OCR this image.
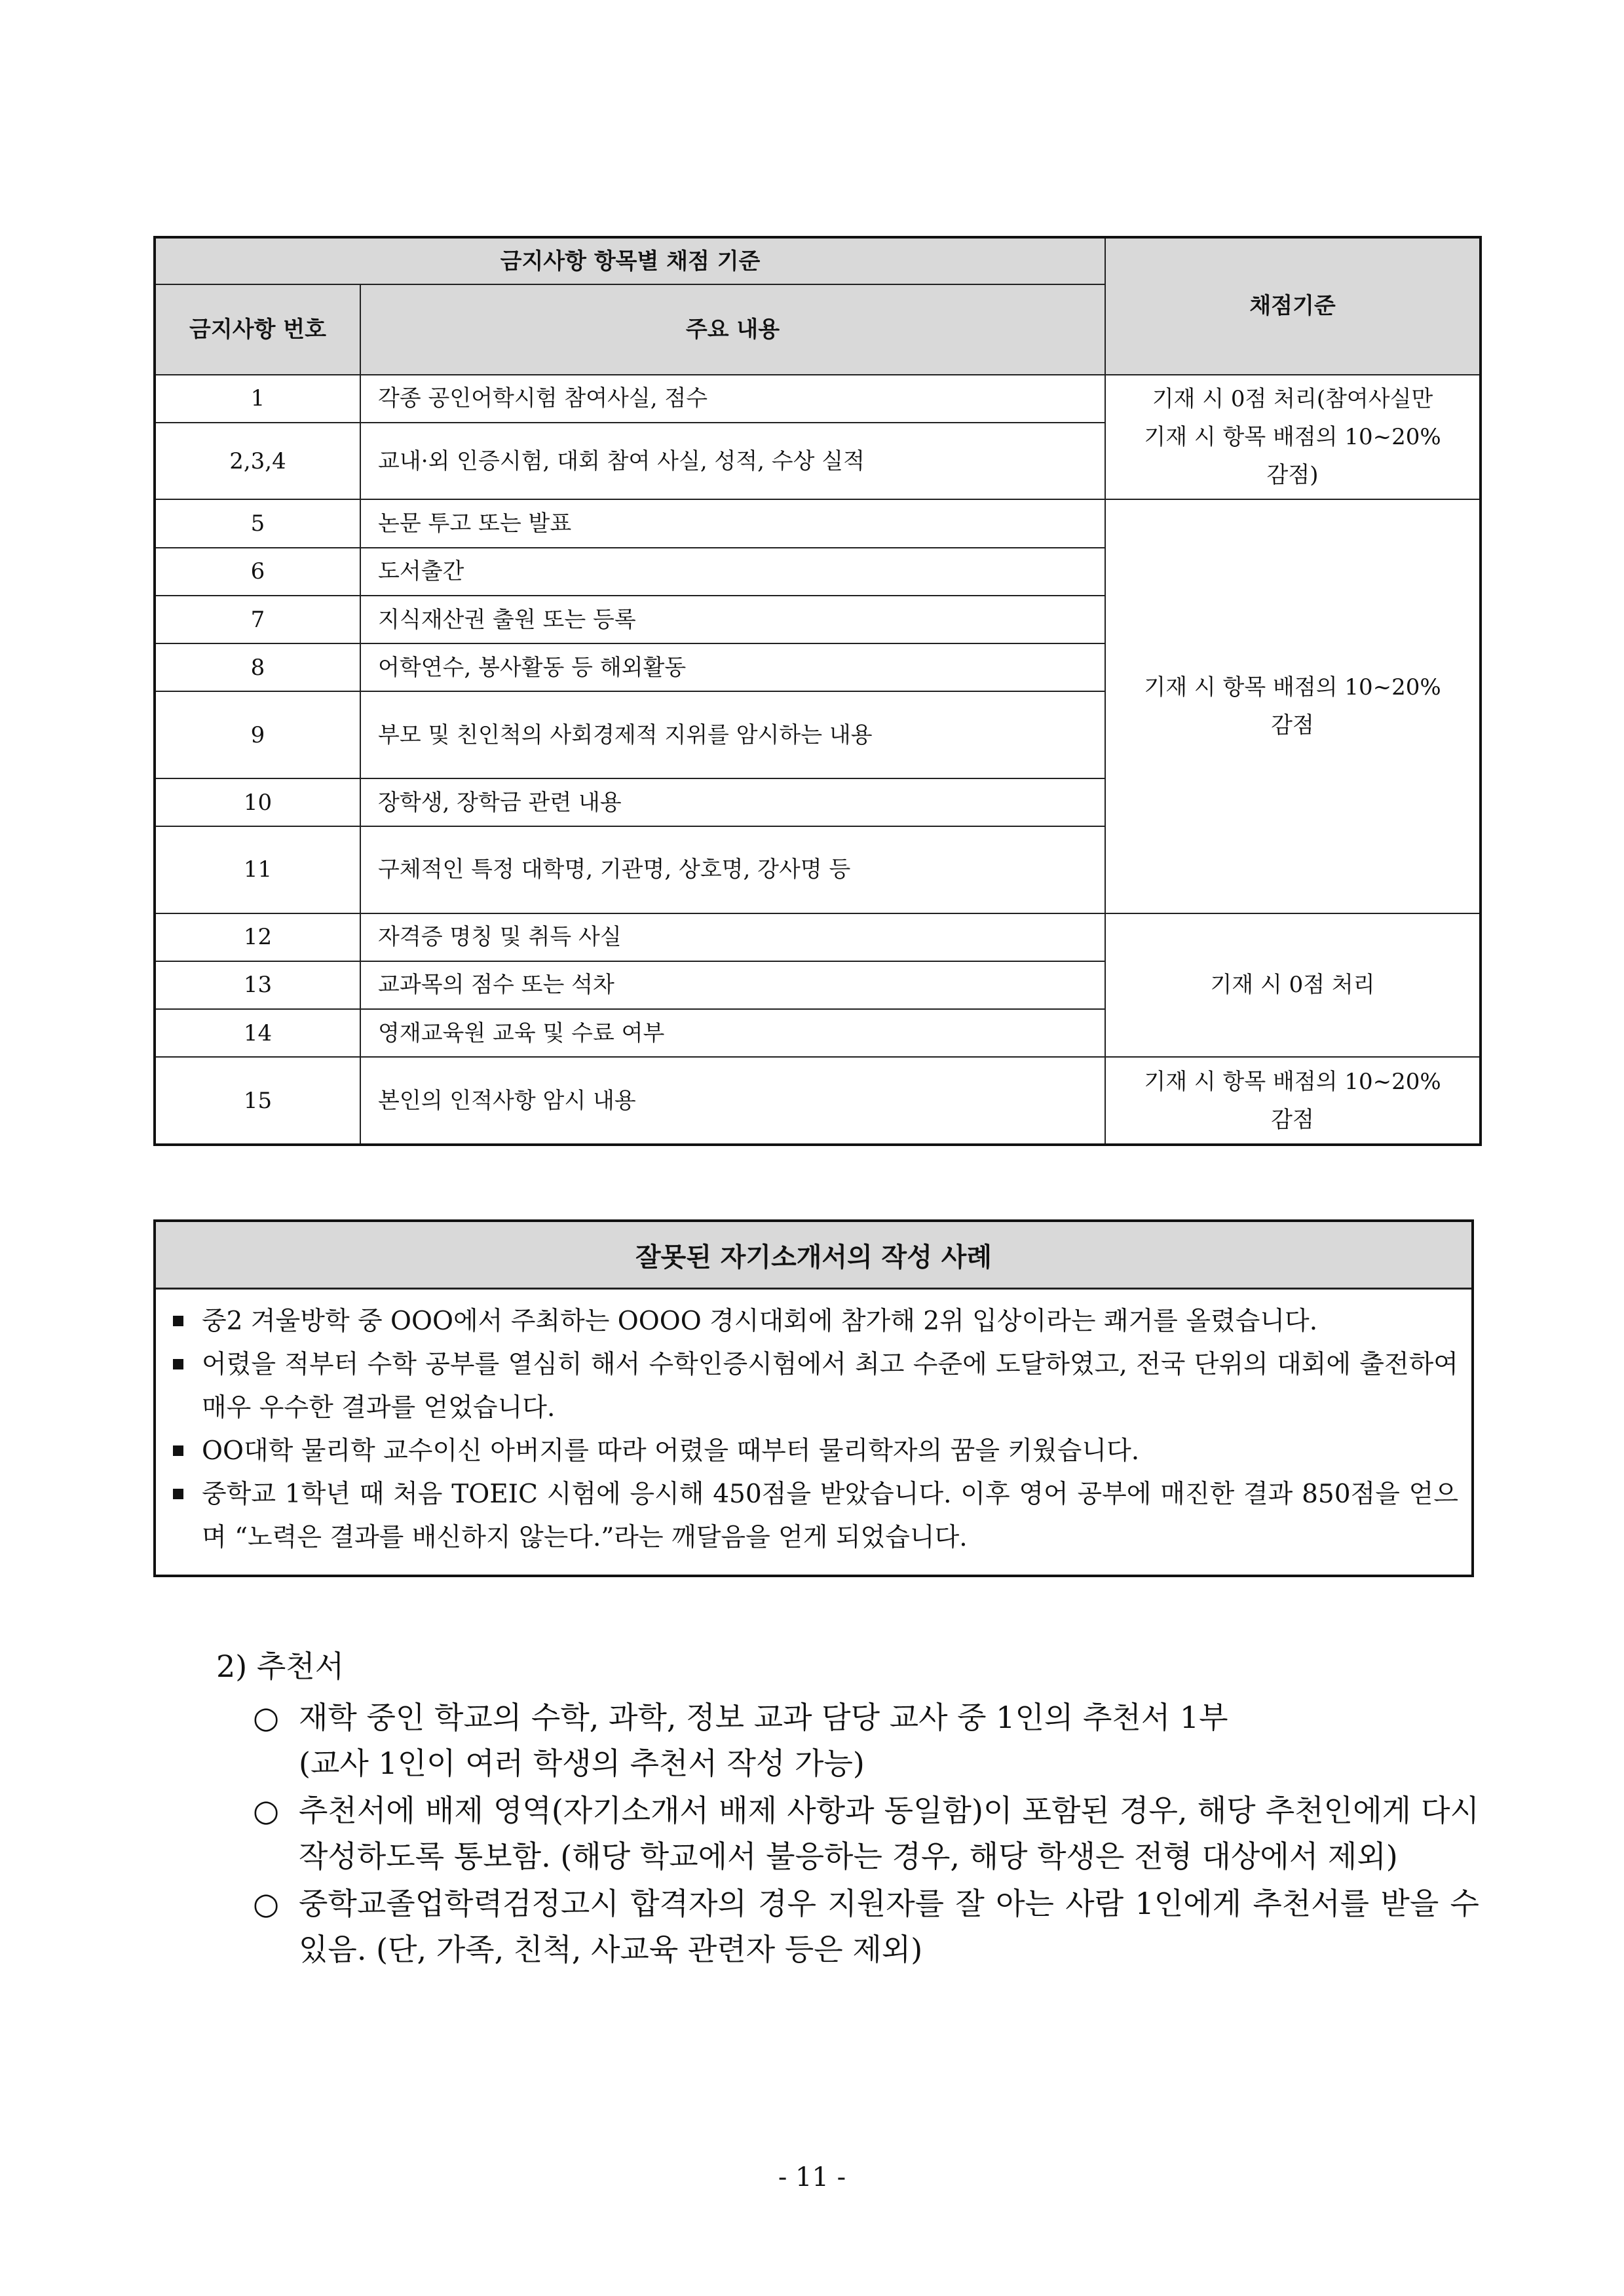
금지사항 항목별 채점 기준		채점기준
금지사항 번호	주요 내용	
1	각종 공인어학시험 참여사실, 점수	기재 시 0점 처리(참여사실만
기재 시 항목 배점의 10~20%
감점)

2,3,4	교내·외 인증시험, 대회 참여 사실, 성적, 수상 실적	
5	논문 투고 또는 발표	기재 시 항목 배점의 10~20%
감점

6	도서출간	
7	지식재산권 출원 또는 등록	
8	어학연수, 봉사활동 등 해외활동	
9	부모 및 친인척의 사회경제적 지위를 암시하는 내용	
10	장학생, 장학금 관련 내용	
11	구체적인 특정 대학명, 기관명, 상호명, 강사명 등	
12	자격증 명칭 및 취득 사실	기재 시 0점 처리
13	교과목의 점수 또는 석차	
14	영재교육원 교육 및 수료 여부	
15	본인의 인적사항 암시 내용	기재 시 항목 배점의 10~20%
감점
잘못된 자기소개서의 작성 사례
중2 겨울방학 중 OOO에서 주최하는 OOOO 경시대회에 참가해 2위 입상이라는 쾌거를 올렸습니다.
어렸을 적부터 수학 공부를 열심히 해서 수학인증시험에서 최고 수준에 도달하였고, 전국 단위의 대회에 출전하여 매우 우수한 결과를 얻었습니다.
OO대학 물리학 교수이신 아버지를 따라 어렸을 때부터 물리학자의 꿈을 키웠습니다.
중학교 1학년 때 처음 TOEIC 시험에 응시해 450점을 받았습니다. 이후 영어 공부에 매진한 결과 850점을 얻으며 “노력은 결과를 배신하지 않는다.”라는 깨달음을 얻게 되었습니다.
2) 추천서
○ 재학 중인 학교의 수학, 과학, 정보 교과 담당 교사 중 1인의 추천서 1부
(교사 1인이 여러 학생의 추천서 작성 가능)
○ 추천서에 배제 영역(자기소개서 배제 사항과 동일함)이 포함된 경우, 해당 추천인에게 다시 작성하도록 통보함. (해당 학교에서 불응하는 경우, 해당 학생은 전형 대상에서 제외)
○ 중학교졸업학력검정고시 합격자의 경우 지원자를 잘 아는 사람 1인에게 추천서를 받을 수 있음. (단, 가족, 친척, 사교육 관련자 등은 제외)
- 11 -
